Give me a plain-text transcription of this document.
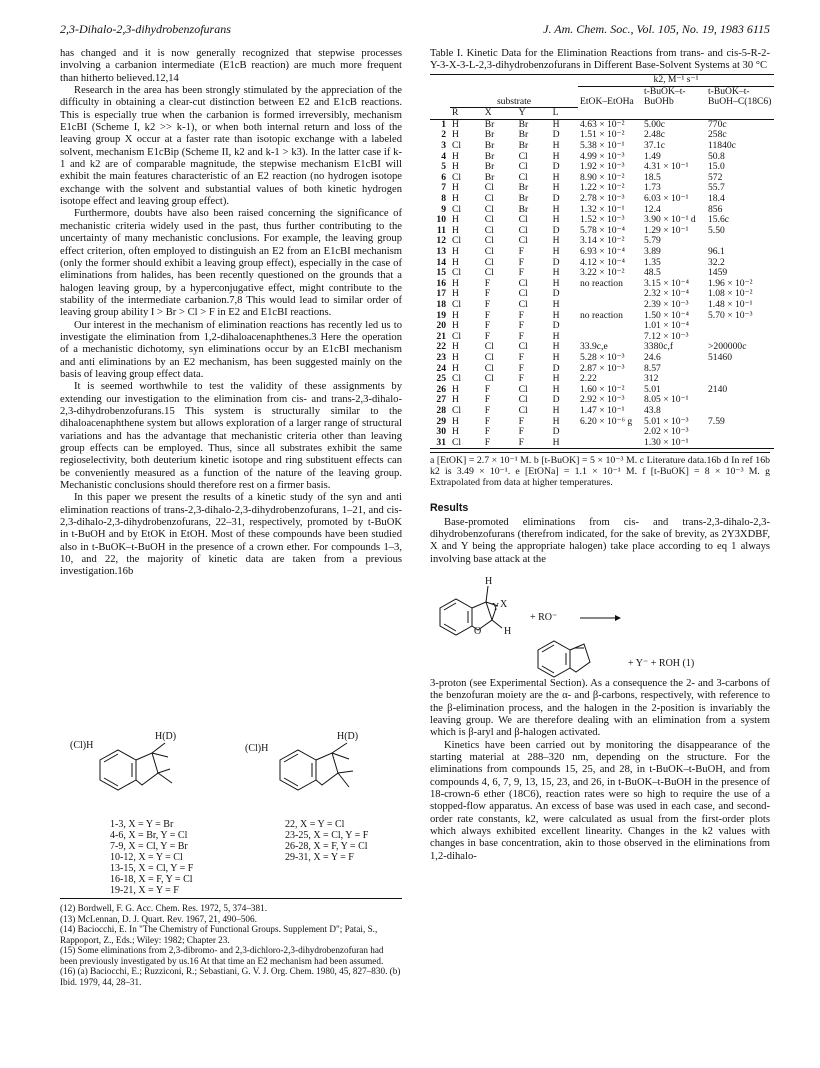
2,3-Dihalo-2,3-dihydrobenzofurans	J. Am. Chem. Soc., Vol. 105, No. 19, 1983 6115

has changed and it is now generally recognized that stepwise processes involving a carbanion intermediate (E1cB reaction) are much more frequent than hitherto believed.12,14

Research in the area has been strongly stimulated by the appreciation of the difficulty in obtaining a clear-cut distinction between E2 and E1cB reactions. This is especially true when the carbanion is formed irreversibly, mechanism E1cBI (Scheme I, k2 >> k-1), or when both internal return and loss of the leaving group X occur at a faster rate than isotopic exchange with a labeled solvent, mechanism E1cBip (Scheme II, k2 and k-1 > k3). In the latter case if k-1 and k2 are of comparable magnitude, the stepwise mechanism E1cBI will exhibit the main features characteristic of an E2 reaction (no hydrogen isotope exchange with the solvent and substantial values of both kinetic hydrogen isotope effect and leaving group effect).

Furthermore, doubts have also been raised concerning the significance of mechanistic criteria widely used in the past, thus further contributing to the uncertainty of many mechanistic conclusions. For example, the leaving group effect criterion, often employed to distinguish an E2 from an E1cBI mechanism (only the former should exhibit a leaving group effect), especially in the case of eliminations from halides, has been recently questioned on the grounds that a halogen leaving group, by a hyperconjugative effect, might contribute to the stability of the intermediate carbanion.7,8 This would lead to similar order of leaving group ability I > Br > Cl > F in E2 and E1cBI reactions.

Our interest in the mechanism of elimination reactions has recently led us to investigate the elimination from 1,2-dihaloacenaphthenes.3 Here the operation of a mechanistic dichotomy, syn eliminations occur by an E1cBI mechanism and anti eliminations by an E2 mechanism, has been suggested mainly on the basis of leaving group effect data.

It is seemed worthwhile to test the validity of these assignments by extending our investigation to the elimination from cis- and trans-2,3-dihalo-2,3-dihydrobenzofurans.15 This system is structurally similar to the dihaloacenaphthene system but allows exploration of a larger range of structural variations and has the advantage that mechanistic criteria other than leaving group effects can be employed. Thus, since all substrates exhibit the same regioselectivity, both deuterium kinetic isotope and ring substituent effects can be conveniently measured as a function of the nature of the leaving group. Mechanistic conclusions should therefore rest on a firmer basis.

In this paper we present the results of a kinetic study of the syn and anti elimination reactions of trans-2,3-dihalo-2,3-dihydrobenzofurans, 1–21, and cis-2,3-dihalo-2,3-dihydrobenzofurans, 22–31, respectively, promoted by t-BuOK in t-BuOH and by EtOK in EtOH. Most of these compounds have been studied also in t-BuOK–t-BuOH in the presence of a crown ether. For compounds 1–3, 10, and 22, the majority of kinetic data are taken from a previous investigation.16b

H(D)
(Cl)H
1-3, X = Y = Br
4-6, X = Br, Y = Cl
7-9, X = Cl, Y = Br
10-12, X = Y = Cl
13-15, X = Cl, Y = F
16-18, X = F, Y = Cl
19-21, X = Y = F
H(D)
(Cl)H
22, X = Y = Cl
23-25, X = Cl, Y = F
26-28, X = F, Y = Cl
29-31, X = Y = F
(12) Bordwell, F. G. Acc. Chem. Res. 1972, 5, 374–381.
(13) McLennan, D. J. Quart. Rev. 1967, 21, 490–506.
(14) Baciocchi, E. In "The Chemistry of Functional Groups. Supplement D"; Patai, S., Rappoport, Z., Eds.; Wiley: 1982; Chapter 23.
(15) Some eliminations from 2,3-dibromo- and 2,3-dichloro-2,3-dihydrobenzofuran had been previously investigated by us.16 At that time an E2 mechanism had been assumed.
(16) (a) Baciocchi, E.; Ruzziconi, R.; Sebastiani, G. V. J. Org. Chem. 1980, 45, 827–830. (b) Ibid. 1979, 44, 28–31.
Table I. Kinetic Data for the Elimination Reactions from trans- and cis-5-R-2-Y-3-X-3-L-2,3-dihydrobenzofurans in Different Base-Solvent Systems at 30 °C
					k2, M⁻¹ s⁻¹		
	substrate				EtOK–EtOHa	t-BuOK–t-BuOHb	t-BuOK–t-BuOH–C(18C6)
	R	X	Y	L			
1	H	Br	Br	H	4.63 × 10⁻²	5.00c	770c
2	H	Br	Br	D	1.51 × 10⁻²	2.48c	258c
3	Cl	Br	Br	H	5.38 × 10⁻¹	37.1c	11840c
4	H	Br	Cl	H	4.99 × 10⁻³	1.49	50.8
5	H	Br	Cl	D	1.92 × 10⁻³	4.31 × 10⁻¹	15.0
6	Cl	Br	Cl	H	8.90 × 10⁻²	18.5	572
7	H	Cl	Br	H	1.22 × 10⁻²	1.73	55.7
8	H	Cl	Br	D	2.78 × 10⁻³	6.03 × 10⁻¹	18.4
9	Cl	Cl	Br	H	1.32 × 10⁻¹	12.4	856
10	H	Cl	Cl	H	1.52 × 10⁻³	3.90 × 10⁻¹ d	15.6c
11	H	Cl	Cl	D	5.78 × 10⁻⁴	1.29 × 10⁻¹	5.50
12	Cl	Cl	Cl	H	3.14 × 10⁻²	5.79	
13	H	Cl	F	H	6.93 × 10⁻⁴	3.89	96.1
14	H	Cl	F	D	4.12 × 10⁻⁴	1.35	32.2
15	Cl	Cl	F	H	3.22 × 10⁻²	48.5	1459
16	H	F	Cl	H	no reaction	3.15 × 10⁻⁴	1.96 × 10⁻²
17	H	F	Cl	D		2.32 × 10⁻⁴	1.08 × 10⁻²
18	Cl	F	Cl	H		2.39 × 10⁻³	1.48 × 10⁻¹
19	H	F	F	H	no reaction	1.50 × 10⁻⁴	5.70 × 10⁻³
20	H	F	F	D		1.01 × 10⁻⁴	
21	Cl	F	F	H		7.12 × 10⁻³	
22	H	Cl	Cl	H	33.9c,e	3380c,f	>200000c
23	H	Cl	F	H	5.28 × 10⁻³	24.6	51460
24	H	Cl	F	D	2.87 × 10⁻³	8.57	
25	Cl	Cl	F	H	2.22	312	
26	H	F	Cl	H	1.60 × 10⁻²	5.01	2140
27	H	F	Cl	D	2.92 × 10⁻³	8.05 × 10⁻¹	
28	Cl	F	Cl	H	1.47 × 10⁻¹	43.8	
29	H	F	F	H	6.20 × 10⁻⁶ g	5.01 × 10⁻³	7.59
30	H	F	F	D		2.02 × 10⁻³	
31	Cl	F	F	H		1.30 × 10⁻¹	
a [EtOK] = 2.7 × 10⁻¹ M. b [t-BuOK] = 5 × 10⁻³ M. c Literature data.16b d In ref 16b k2 is 3.49 × 10⁻¹. e [EtONa] = 1.1 × 10⁻¹ M. f [t-BuOK] = 8 × 10⁻³ M. g Extrapolated from data at higher temperatures.
Results

Base-promoted eliminations from cis- and trans-2,3-dihalo-2,3-dihydrobenzofurans (therefrom indicated, for the sake of brevity, as 2Y3XDBF, X and Y being the appropriate halogen) take place according to eq 1 always involving base attack at the

H
X
Y
H
O
+ RO⁻
+ Y⁻ + ROH (1)

3-proton (see Experimental Section). As a consequence the 2- and 3-carbons of the benzofuran moiety are the α- and β-carbons, respectively, with reference to the β-elimination process, and the halogen in the 2-position is invariably the leaving group. We are therefore dealing with an elimination from a system which is β-aryl and β-halogen activated.

Kinetics have been carried out by monitoring the disappearance of the starting material at 288–320 nm, depending on the structure. For the eliminations from compounds 15, 25, and 28, in t-BuOK–t-BuOH, and from compounds 4, 6, 7, 9, 13, 15, 23, and 26, in t-BuOK–t-BuOH in the presence of 18-crown-6 ether (18C6), reaction rates were so high to require the use of a stopped-flow apparatus. An excess of base was used in each case, and second-order rate constants, k2, were calculated as usual from the first-order plots which always exhibited excellent linearity. Changes in the k2 values with changes in base concentration, akin to those observed in the eliminations from 1,2-dihalo-
